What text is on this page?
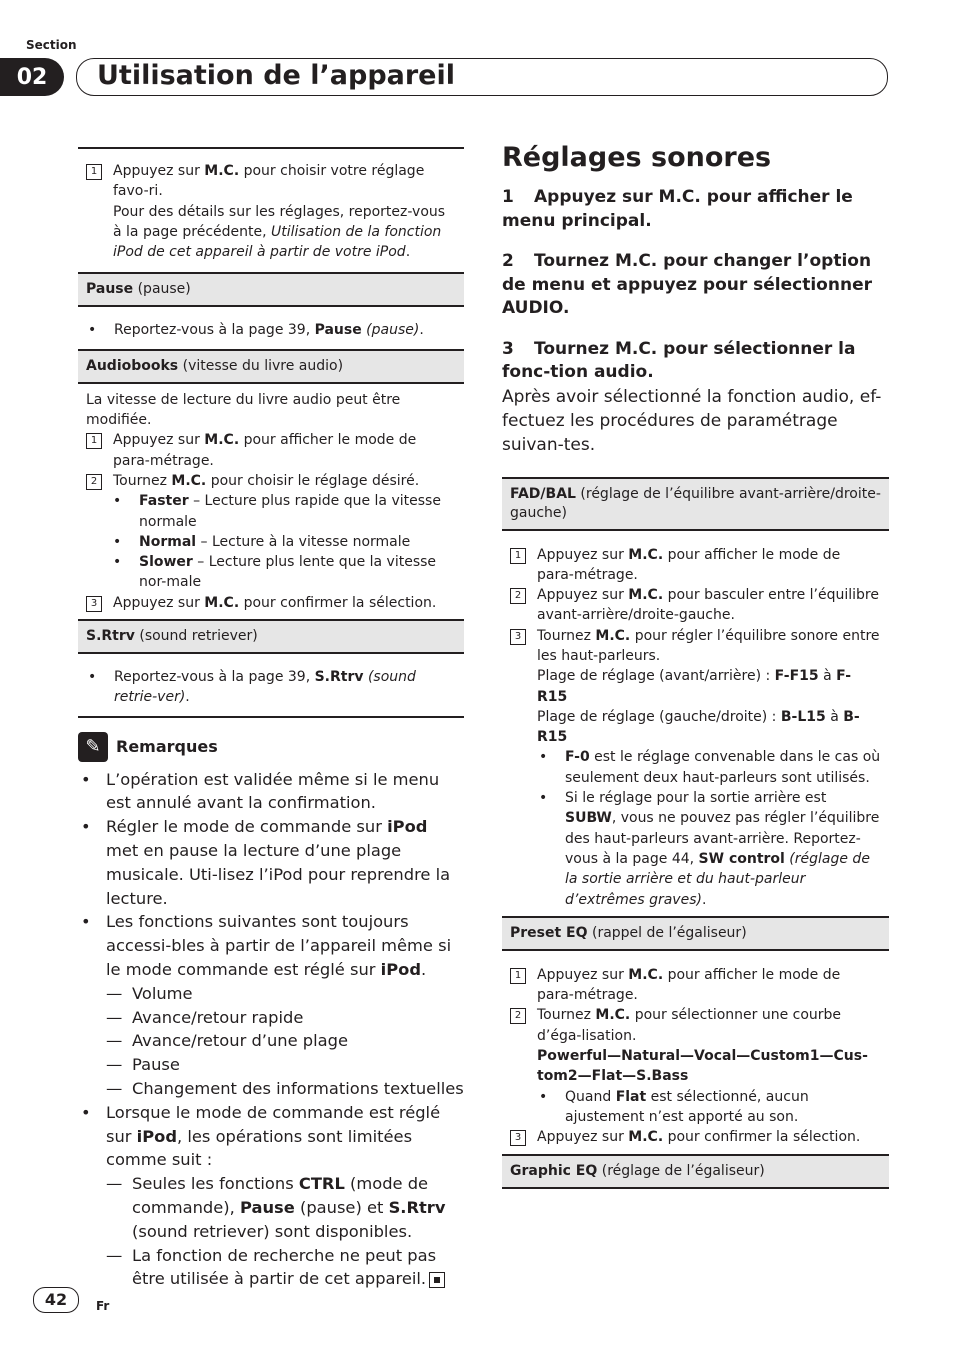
Section
02	Utilisation de l’appareil
1	Appuyez sur M.C. pour choisir votre réglage favo-ri.
Pour des détails sur les réglages, reportez-vous à la page précédente, Utilisation de la fonction iPod de cet appareil à partir de votre iPod.
Pause (pause)
•	Reportez-vous à la page 39, Pause (pause).
Audiobooks (vitesse du livre audio)
La vitesse de lecture du livre audio peut être modifiée.
1	Appuyez sur M.C. pour afficher le mode de para-métrage.
2	Tournez M.C. pour choisir le réglage désiré.
•	Faster – Lecture plus rapide que la vitesse normale
•	Normal – Lecture à la vitesse normale
•	Slower – Lecture plus lente que la vitesse nor-male
3	Appuyez sur M.C. pour confirmer la sélection.
S.Rtrv (sound retriever)
•	Reportez-vous à la page 39, S.Rtrv (sound retrie-ver).
✎ Remarques
• L’opération est validée même si le menu est annulé avant la confirmation.
• Régler le mode de commande sur iPod met en pause la lecture d’une plage musicale. Uti-lisez l’iPod pour reprendre la lecture.
• Les fonctions suivantes sont toujours accessi-bles à partir de l’appareil même si le mode commande est réglé sur iPod.
— Volume
— Avance/retour rapide
— Avance/retour d’une plage
— Pause
— Changement des informations textuelles
• Lorsque le mode de commande est réglé sur iPod, les opérations sont limitées comme suit :
— Seules les fonctions CTRL (mode de commande), Pause (pause) et S.Rtrv (sound retriever) sont disponibles.
— La fonction de recherche ne peut pas être utilisée à partir de cet appareil.
Réglages sonores
1 Appuyez sur M.C. pour afficher le menu principal.
2 Tournez M.C. pour changer l’option de menu et appuyez pour sélectionner AUDIO.
3 Tournez M.C. pour sélectionner la fonc-tion audio.
Après avoir sélectionné la fonction audio, ef-fectuez les procédures de paramétrage suivan-tes.
FAD/BAL (réglage de l’équilibre avant-arrière/droite-gauche)
1	Appuyez sur M.C. pour afficher le mode de para-métrage.
2	Appuyez sur M.C. pour basculer entre l’équilibre avant-arrière/droite-gauche.
3	Tournez M.C. pour régler l’équilibre sonore entre les haut-parleurs.
Plage de réglage (avant/arrière) : F-F15 à F-R15
Plage de réglage (gauche/droite) : B-L15 à B-R15
•	F-0 est le réglage convenable dans le cas où seulement deux haut-parleurs sont utilisés.
•	Si le réglage pour la sortie arrière est SUBW, vous ne pouvez pas régler l’équilibre des haut-parleurs avant-arrière. Reportez-vous à la page 44, SW control (réglage de la sortie arrière et du haut-parleur d’extrêmes graves).
Preset EQ (rappel de l’égaliseur)
1	Appuyez sur M.C. pour afficher le mode de para-métrage.
2	Tournez M.C. pour sélectionner une courbe d’éga-lisation.
Powerful—Natural—Vocal—Custom1—Cus-tom2—Flat—S.Bass
•	Quand Flat est sélectionné, aucun ajustement n’est apporté au son.
3	Appuyez sur M.C. pour confirmer la sélection.
Graphic EQ (réglage de l’égaliseur)
42	Fr
